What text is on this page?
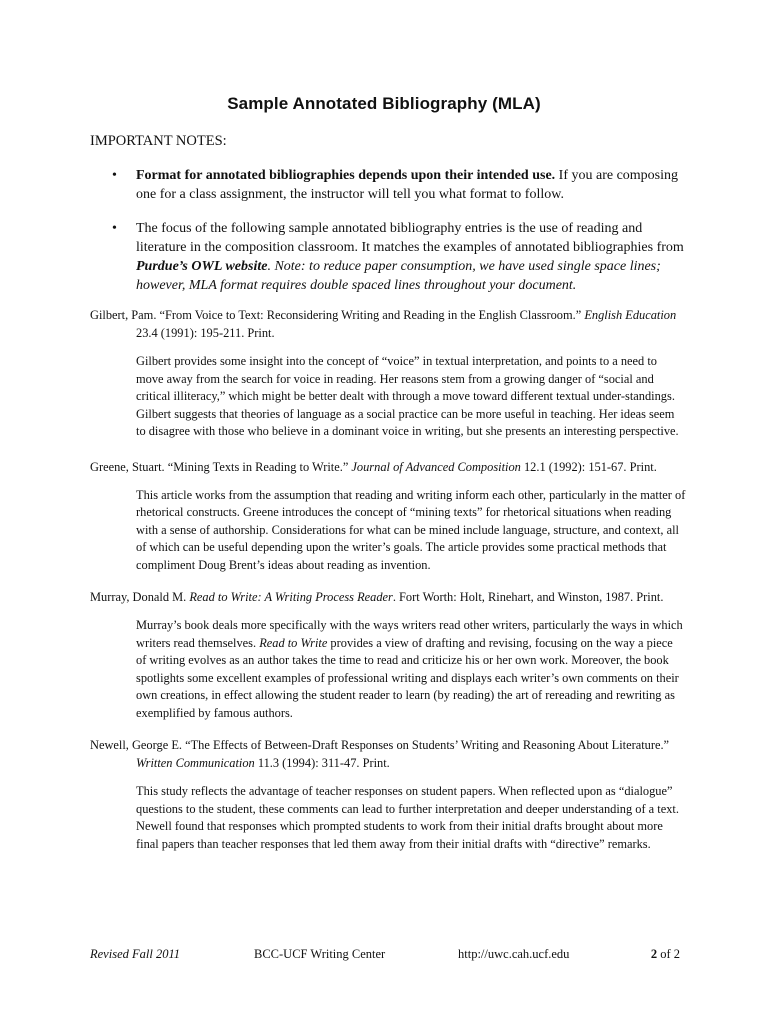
Sample Annotated Bibliography (MLA)
IMPORTANT NOTES:
• Format for annotated bibliographies depends upon their intended use. If you are composing one for a class assignment, the instructor will tell you what format to follow.
• The focus of the following sample annotated bibliography entries is the use of reading and literature in the composition classroom. It matches the examples of annotated bibliographies from Purdue’s OWL website. Note: to reduce paper consumption, we have used single space lines; however, MLA format requires double spaced lines throughout your document.
Gilbert, Pam. “From Voice to Text: Reconsidering Writing and Reading in the English Classroom.” English Education 23.4 (1991): 195-211. Print.
Gilbert provides some insight into the concept of “voice” in textual interpretation, and points to a need to move away from the search for voice in reading. Her reasons stem from a growing danger of “social and critical illiteracy,” which might be better dealt with through a move toward different textual under-standings. Gilbert suggests that theories of language as a social practice can be more useful in teaching. Her ideas seem to disagree with those who believe in a dominant voice in writing, but she presents an interesting perspective.
Greene, Stuart. “Mining Texts in Reading to Write.” Journal of Advanced Composition 12.1 (1992): 151-67. Print.
This article works from the assumption that reading and writing inform each other, particularly in the matter of rhetorical constructs. Greene introduces the concept of “mining texts” for rhetorical situations when reading with a sense of authorship. Considerations for what can be mined include language, structure, and context, all of which can be useful depending upon the writer’s goals. The article provides some practical methods that compliment Doug Brent’s ideas about reading as invention.
Murray, Donald M. Read to Write: A Writing Process Reader. Fort Worth: Holt, Rinehart, and Winston, 1987. Print.
Murray’s book deals more specifically with the ways writers read other writers, particularly the ways in which writers read themselves. Read to Write provides a view of drafting and revising, focusing on the way a piece of writing evolves as an author takes the time to read and criticize his or her own work. Moreover, the book spotlights some excellent examples of professional writing and displays each writer’s own comments on their own creations, in effect allowing the student reader to learn (by reading) the art of rereading and rewriting as exemplified by famous authors.
Newell, George E. “The Effects of Between-Draft Responses on Students’ Writing and Reasoning About Literature.” Written Communication 11.3 (1994): 311-47. Print.
This study reflects the advantage of teacher responses on student papers. When reflected upon as “dialogue” questions to the student, these comments can lead to further interpretation and deeper understanding of a text. Newell found that responses which prompted students to work from their initial drafts brought about more final papers than teacher responses that led them away from their initial drafts with “directive” remarks.
Revised Fall 2011	BCC-UCF Writing Center	http://uwc.cah.ucf.edu	2 of 2
